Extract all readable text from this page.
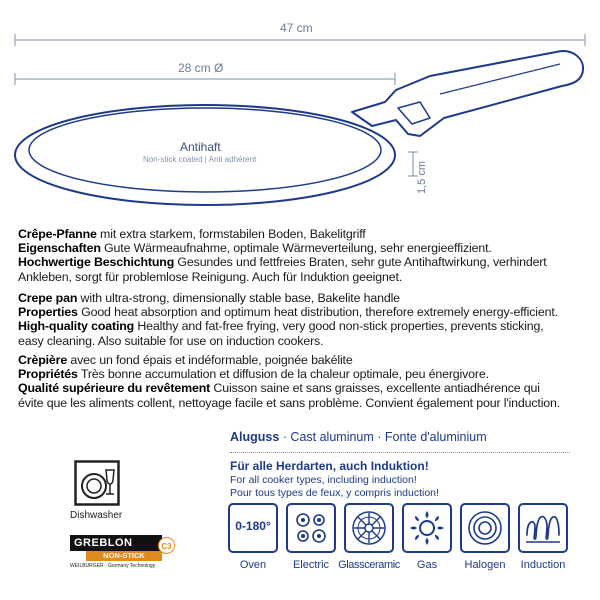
47 cm
28 cm Ø
1,5 cm
Antihaft
Non-stick coated | Anti adhérent
Crêpe-Pfanne mit extra starkem, formstabilen Boden, Bakelitgriff
Eigenschaften Gute Wärmeaufnahme, optimale Wärmeverteilung, sehr energieeffizient.
Hochwertige Beschichtung Gesundes und fettfreies Braten, sehr gute Antihaftwirkung, verhindert
Ankleben, sorgt für problemlose Reinigung. Auch für Induktion geeignet.
Crepe pan with ultra-strong, dimensionally stable base, Bakelite handle
Properties Good heat absorption and optimum heat distribution, therefore extremely energy-efficient.
High-quality coating Healthy and fat-free frying, very good non-stick properties, prevents sticking,
easy cleaning. Also suitable for use on induction cookers.
Crèpière avec un fond épais et indéformable, poignée bakélite
Propriétés Très bonne accumulation et diffusion de la chaleur optimale, peu énergivore.
Qualité supérieure du revêtement Cuisson saine et sans graisses, excellente antiadhérence qui
évite que les aliments collent, nettoyage facile et sans problème. Convient également pour l'induction.
Aluguss · Cast aluminum · Fonte d'aluminium
Für alle Herdarten, auch Induktion!
For all cooker types, including induction!
Pour tous types de feux, y compris induction!
Dishwasher
GREBLON
NON-STICK
C3
WEILBURGER · Germany Technology
0-180°
Oven	Electric Glassceramic	Gas	Halogen	Induction
